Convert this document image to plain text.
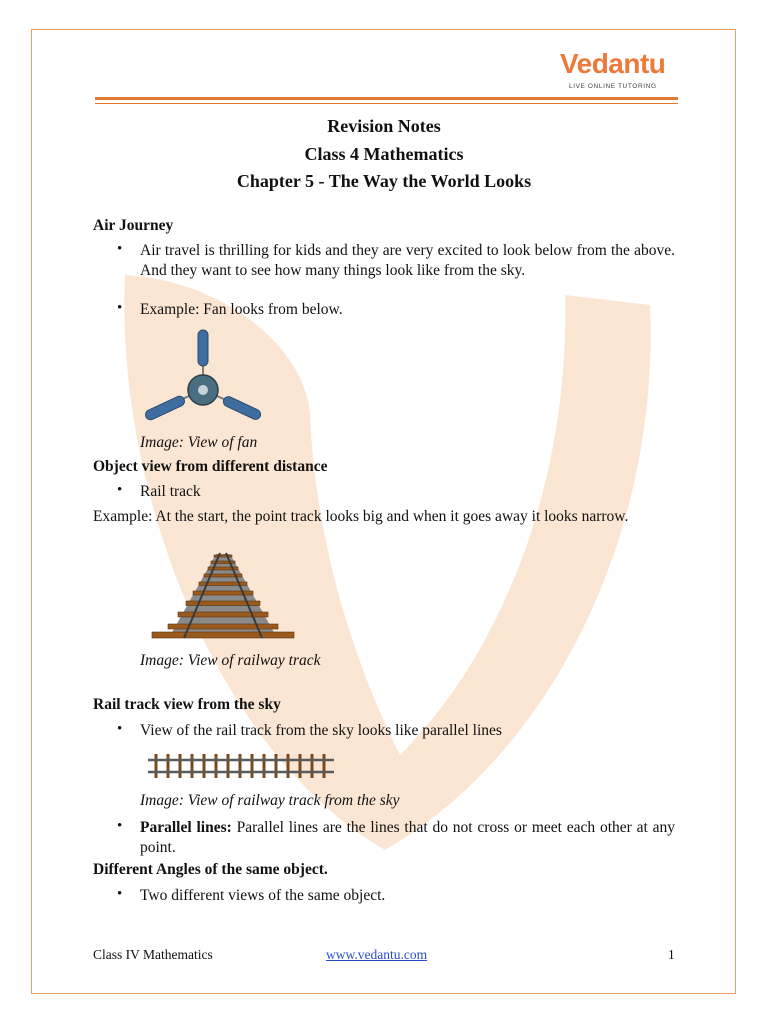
Vedantu
LIVE ONLINE TUTORING
Revision Notes
Class 4 Mathematics
Chapter 5 - The Way the World Looks
Air Journey
• Air travel is thrilling for kids and they are very excited to look below from the above. And they want to see how many things look like from the sky.
• Example: Fan looks from below.
Image: View of fan
Object view from different distance
• Rail track
Example: At the start, the point track looks big and when it goes away it looks narrow.
Image: View of railway track
Rail track view from the sky
• View of the rail track from the sky looks like parallel lines
Image: View of railway track from the sky
• Parallel lines: Parallel lines are the lines that do not cross or meet each other at any point.
Different Angles of the same object.
• Two different views of the same object.
Class IV Mathematics	www.vedantu.com	1
